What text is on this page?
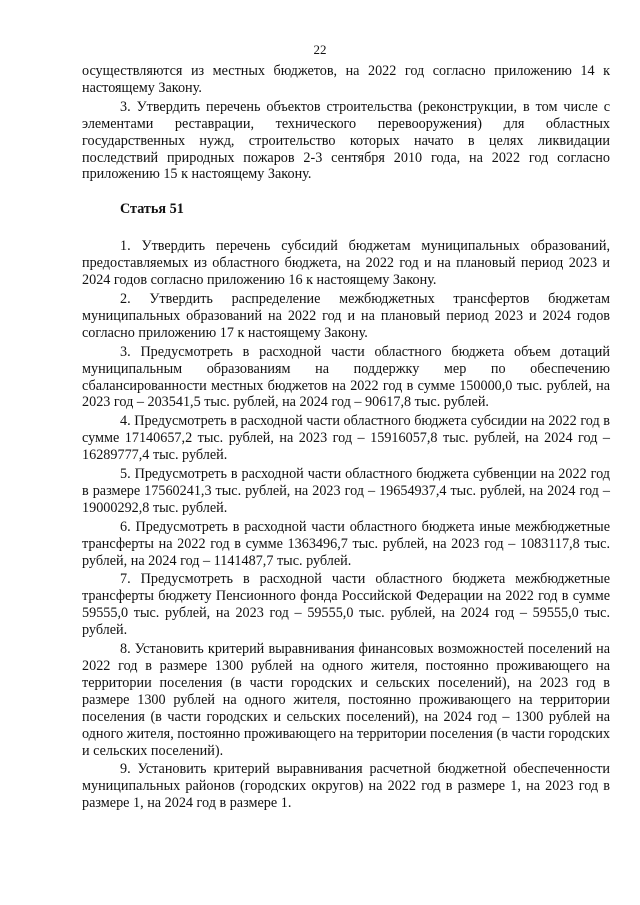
22

осуществляются из местных бюджетов, на 2022 год согласно приложению 14 к настоящему Закону.

3. Утвердить перечень объектов строительства (реконструкции, в том числе с элементами реставрации, технического перевооружения) для областных государственных нужд, строительство которых начато в целях ликвидации последствий природных пожаров 2-3 сентября 2010 года, на 2022 год согласно приложению 15 к настоящему Закону.

Статья 51

1. Утвердить перечень субсидий бюджетам муниципальных образований, предоставляемых из областного бюджета, на 2022 год и на плановый период 2023 и 2024 годов согласно приложению 16 к настоящему Закону.

2. Утвердить распределение межбюджетных трансфертов бюджетам муниципальных образований на 2022 год и на плановый период 2023 и 2024 годов согласно приложению 17 к настоящему Закону.

3. Предусмотреть в расходной части областного бюджета объем дотаций муниципальным образованиям на поддержку мер по обеспечению сбалансированности местных бюджетов на 2022 год в сумме 150000,0 тыс. рублей, на 2023 год – 203541,5 тыс. рублей, на 2024 год – 90617,8 тыс. рублей.

4. Предусмотреть в расходной части областного бюджета субсидии на 2022 год в сумме 17140657,2 тыс. рублей, на 2023 год – 15916057,8 тыс. рублей, на 2024 год – 16289777,4 тыс. рублей.

5. Предусмотреть в расходной части областного бюджета субвенции на 2022 год в размере 17560241,3 тыс. рублей, на 2023 год – 19654937,4 тыс. рублей, на 2024 год – 19000292,8 тыс. рублей.

6. Предусмотреть в расходной части областного бюджета иные межбюджетные трансферты на 2022 год в сумме 1363496,7 тыс. рублей, на 2023 год – 1083117,8 тыс. рублей, на 2024 год – 1141487,7 тыс. рублей.

7. Предусмотреть в расходной части областного бюджета межбюджетные трансферты бюджету Пенсионного фонда Российской Федерации на 2022 год в сумме 59555,0 тыс. рублей, на 2023 год – 59555,0 тыс. рублей, на 2024 год – 59555,0 тыс. рублей.

8. Установить критерий выравнивания финансовых возможностей поселений на 2022 год в размере 1300 рублей на одного жителя, постоянно проживающего на территории поселения (в части городских и сельских поселений), на 2023 год в размере 1300 рублей на одного жителя, постоянно проживающего на территории поселения (в части городских и сельских поселений), на 2024 год – 1300 рублей на одного жителя, постоянно проживающего на территории поселения (в части городских и сельских поселений).

9. Установить критерий выравнивания расчетной бюджетной обеспеченности муниципальных районов (городских округов) на 2022 год в размере 1, на 2023 год в размере 1, на 2024 год в размере 1.
